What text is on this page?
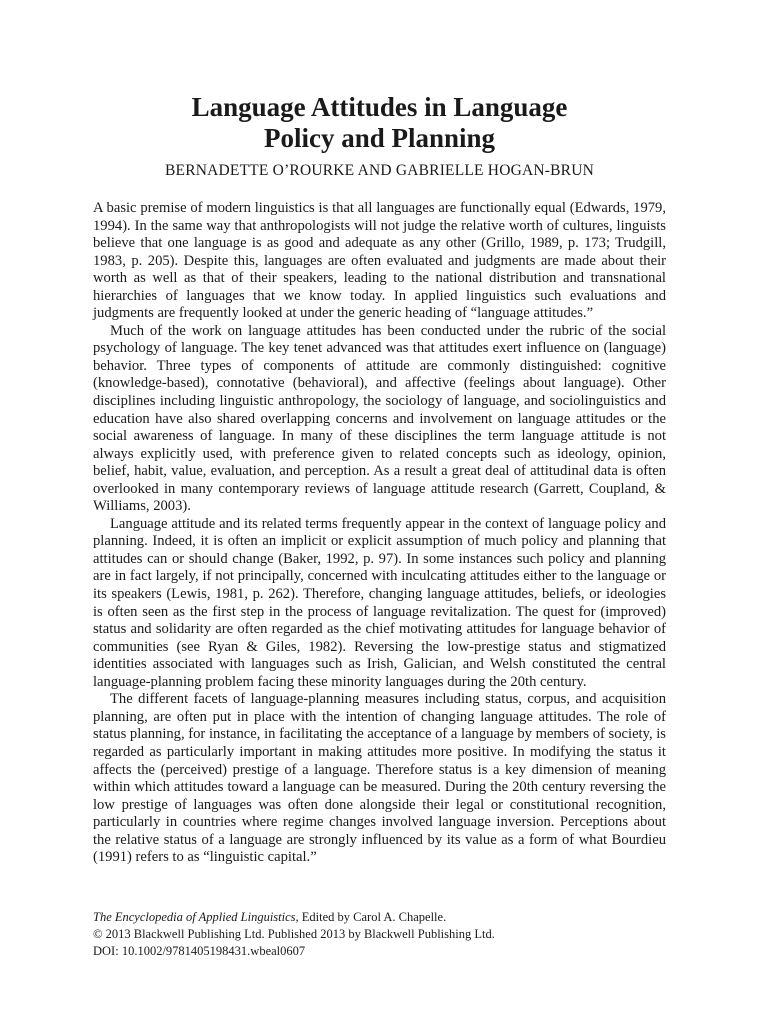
Language Attitudes in Language
Policy and Planning

BERNADETTE O’ROURKE AND GABRIELLE HOGAN-BRUN

A basic premise of modern linguistics is that all languages are functionally equal (Edwards, 1979, 1994). In the same way that anthropologists will not judge the relative worth of cultures, linguists believe that one language is as good and adequate as any other (Grillo, 1989, p. 173; Trudgill, 1983, p. 205). Despite this, languages are often evaluated and judgments are made about their worth as well as that of their speakers, leading to the national distribution and transnational hierarchies of languages that we know today. In applied linguistics such evaluations and judgments are frequently looked at under the generic heading of “language attitudes.”

Much of the work on language attitudes has been conducted under the rubric of the social psychology of language. The key tenet advanced was that attitudes exert influence on (language) behavior. Three types of components of attitude are commonly distinguished: cognitive (knowledge-based), connotative (behavioral), and affective (feelings about language). Other disciplines including linguistic anthropology, the sociology of language, and sociolinguistics and education have also shared overlapping concerns and involvement on language attitudes or the social awareness of language. In many of these disciplines the term language attitude is not always explicitly used, with preference given to related concepts such as ideology, opinion, belief, habit, value, evaluation, and perception. As a result a great deal of attitudinal data is often overlooked in many contemporary reviews of language attitude research (Garrett, Coupland, & Williams, 2003).

Language attitude and its related terms frequently appear in the context of language policy and planning. Indeed, it is often an implicit or explicit assumption of much policy and planning that attitudes can or should change (Baker, 1992, p. 97). In some instances such policy and planning are in fact largely, if not principally, concerned with inculcating attitudes either to the language or its speakers (Lewis, 1981, p. 262). Therefore, changing language attitudes, beliefs, or ideologies is often seen as the first step in the process of language revitalization. The quest for (improved) status and solidarity are often regarded as the chief motivating attitudes for language behavior of communities (see Ryan & Giles, 1982). Reversing the low-prestige status and stigmatized identities associated with languages such as Irish, Galician, and Welsh constituted the central language-planning problem facing these minority languages during the 20th century.

The different facets of language-planning measures including status, corpus, and acquisition planning, are often put in place with the intention of changing language attitudes. The role of status planning, for instance, in facilitating the acceptance of a language by members of society, is regarded as particularly important in making attitudes more positive. In modifying the status it affects the (perceived) prestige of a language. Therefore status is a key dimension of meaning within which attitudes toward a language can be measured. During the 20th century reversing the low prestige of languages was often done alongside their legal or constitutional recognition, particularly in countries where regime changes involved language inversion. Perceptions about the relative status of a language are strongly influenced by its value as a form of what Bourdieu (1991) refers to as “linguistic capital.”

The Encyclopedia of Applied Linguistics, Edited by Carol A. Chapelle.
© 2013 Blackwell Publishing Ltd. Published 2013 by Blackwell Publishing Ltd.
DOI: 10.1002/9781405198431.wbeal0607
